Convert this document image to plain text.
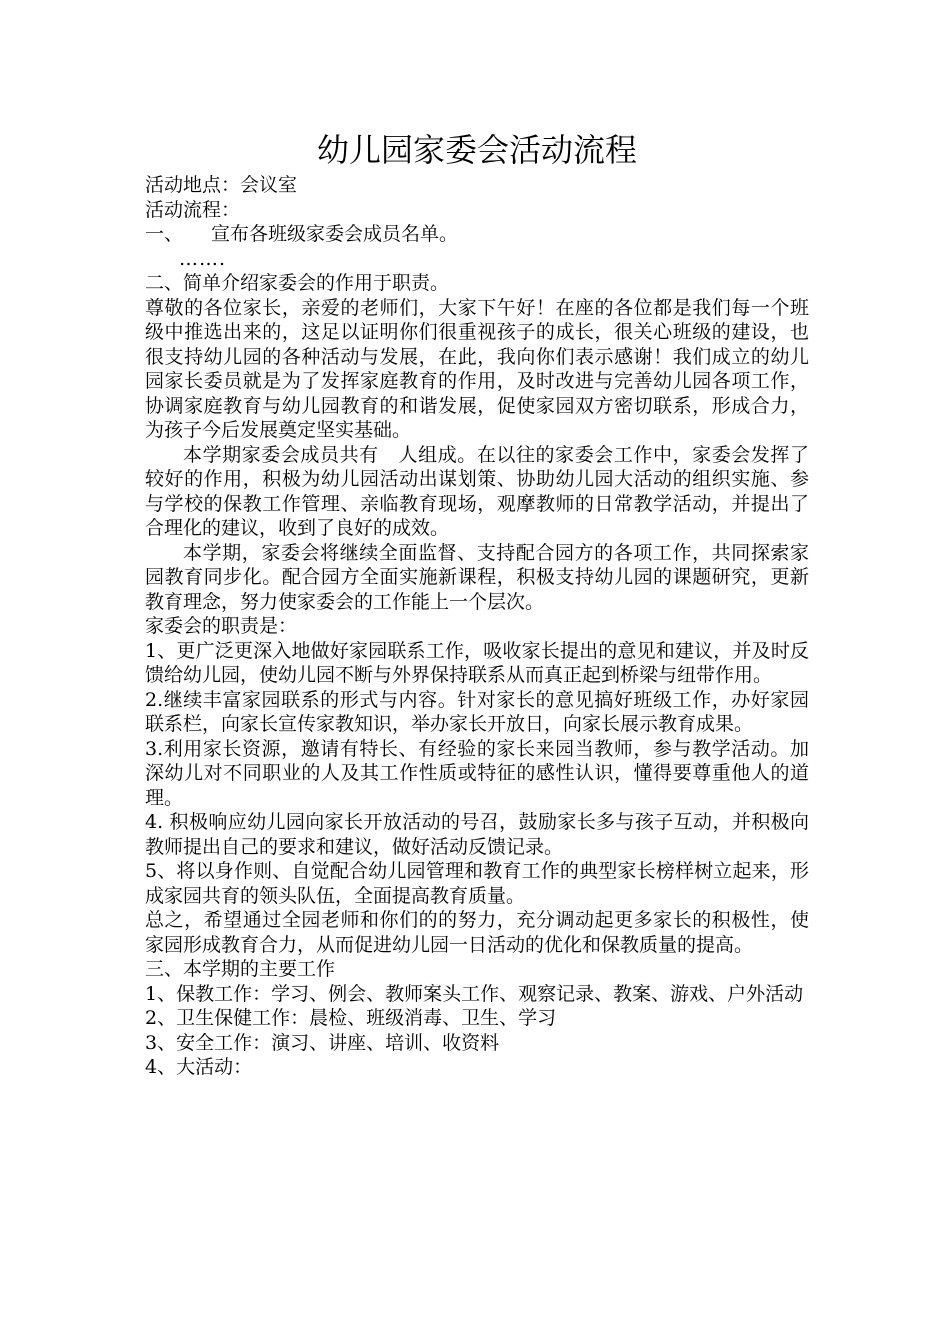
幼儿园家委会活动流程

活动地点：会议室

活动流程：

一、 宣布各班级家委会成员名单。

…….

二、简单介绍家委会的作用于职责。

尊敬的各位家长，亲爱的老师们，大家下午好！在座的各位都是我们每一个班级中推选出来的，这足以证明你们很重视孩子的成长，很关心班级的建设，也很支持幼儿园的各种活动与发展，在此，我向你们表示感谢！我们成立的幼儿园家长委员就是为了发挥家庭教育的作用，及时改进与完善幼儿园各项工作，协调家庭教育与幼儿园教育的和谐发展，促使家园双方密切联系，形成合力，为孩子今后发展奠定坚实基础。

本学期家委会成员共有   人组成。在以往的家委会工作中，家委会发挥了较好的作用，积极为幼儿园活动出谋划策、协助幼儿园大活动的组织实施、参与学校的保教工作管理、亲临教育现场，观摩教师的日常教学活动，并提出了合理化的建议，收到了良好的成效。

本学期，家委会将继续全面监督、支持配合园方的各项工作，共同探索家园教育同步化。配合园方全面实施新课程，积极支持幼儿园的课题研究，更新教育理念，努力使家委会的工作能上一个层次。

家委会的职责是：

1、更广泛更深入地做好家园联系工作，吸收家长提出的意见和建议，并及时反馈给幼儿园，使幼儿园不断与外界保持联系从而真正起到桥梁与纽带作用。

2.继续丰富家园联系的形式与内容。针对家长的意见搞好班级工作，办好家园联系栏，向家长宣传家教知识，举办家长开放日，向家长展示教育成果。

3.利用家长资源，邀请有特长、有经验的家长来园当教师，参与教学活动。加深幼儿对不同职业的人及其工作性质或特征的感性认识，懂得要尊重他人的道理。

4. 积极响应幼儿园向家长开放活动的号召，鼓励家长多与孩子互动，并积极向教师提出自己的要求和建议，做好活动反馈记录。

5、将以身作则、自觉配合幼儿园管理和教育工作的典型家长榜样树立起来，形成家园共育的领头队伍，全面提高教育质量。

总之，希望通过全园老师和你们的的努力，充分调动起更多家长的积极性，使家园形成教育合力，从而促进幼儿园一日活动的优化和保教质量的提高。

三、本学期的主要工作

1、保教工作：学习、例会、教师案头工作、观察记录、教案、游戏、户外活动

2、卫生保健工作：晨检、班级消毒、卫生、学习

3、安全工作：演习、讲座、培训、收资料

4、大活动：
